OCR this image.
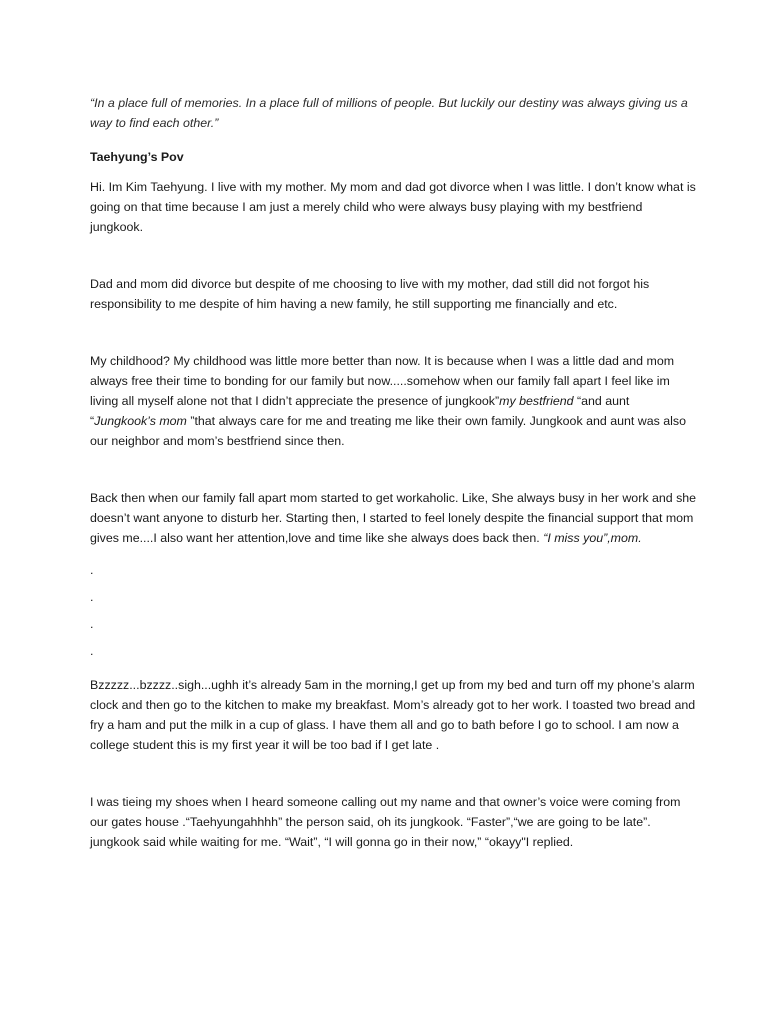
“In a place full of memories. In a place full of millions of people. But luckily our destiny was always giving us a way to find each other.”

Taehyung’s Pov

Hi. Im Kim Taehyung. I live with my mother. My mom and dad got divorce when I was little. I don’t know what is going on that time because I am just a merely child who were always busy playing with my bestfriend jungkook.

Dad and mom did divorce but despite of me choosing to live with my mother, dad still did not forgot his responsibility to me despite of him having a new family, he still supporting me financially and etc.

My childhood? My childhood was little more better than now. It is because when I was a little dad and mom always free their time to bonding for our family but now.....somehow when our family fall apart I feel like im living all myself alone not that I didn’t appreciate the presence of jungkook”my bestfriend “and aunt “Jungkook’s mom ”that always care for me and treating me like their own family. Jungkook and aunt was also our neighbor and mom’s bestfriend since then.

Back then when our family fall apart mom started to get workaholic. Like, She always busy in her work and she doesn’t want anyone to disturb her. Starting then, I started to feel lonely despite the financial support that mom gives me....I also want her attention,love and time like she always does back then. “I miss you”,mom.

.

.

.

.

Bzzzzz...bzzzz..sigh...ughh it’s already 5am in the morning,I get up from my bed and turn off my phone’s alarm clock and then go to the kitchen to make my breakfast. Mom’s already got to her work. I toasted two bread and fry a ham and put the milk in a cup of glass. I have them all and go to bath before I go to school. I am now a college student this is my first year it will be too bad if I get late .

I was tieing my shoes when I heard someone calling out my name and that owner’s voice were coming from our gates house .“Taehyungahhhh” the person said, oh its jungkook. “Faster”,“we are going to be late”. jungkook said while waiting for me. “Wait”, “I will gonna go in their now,” “okayy"I replied.
